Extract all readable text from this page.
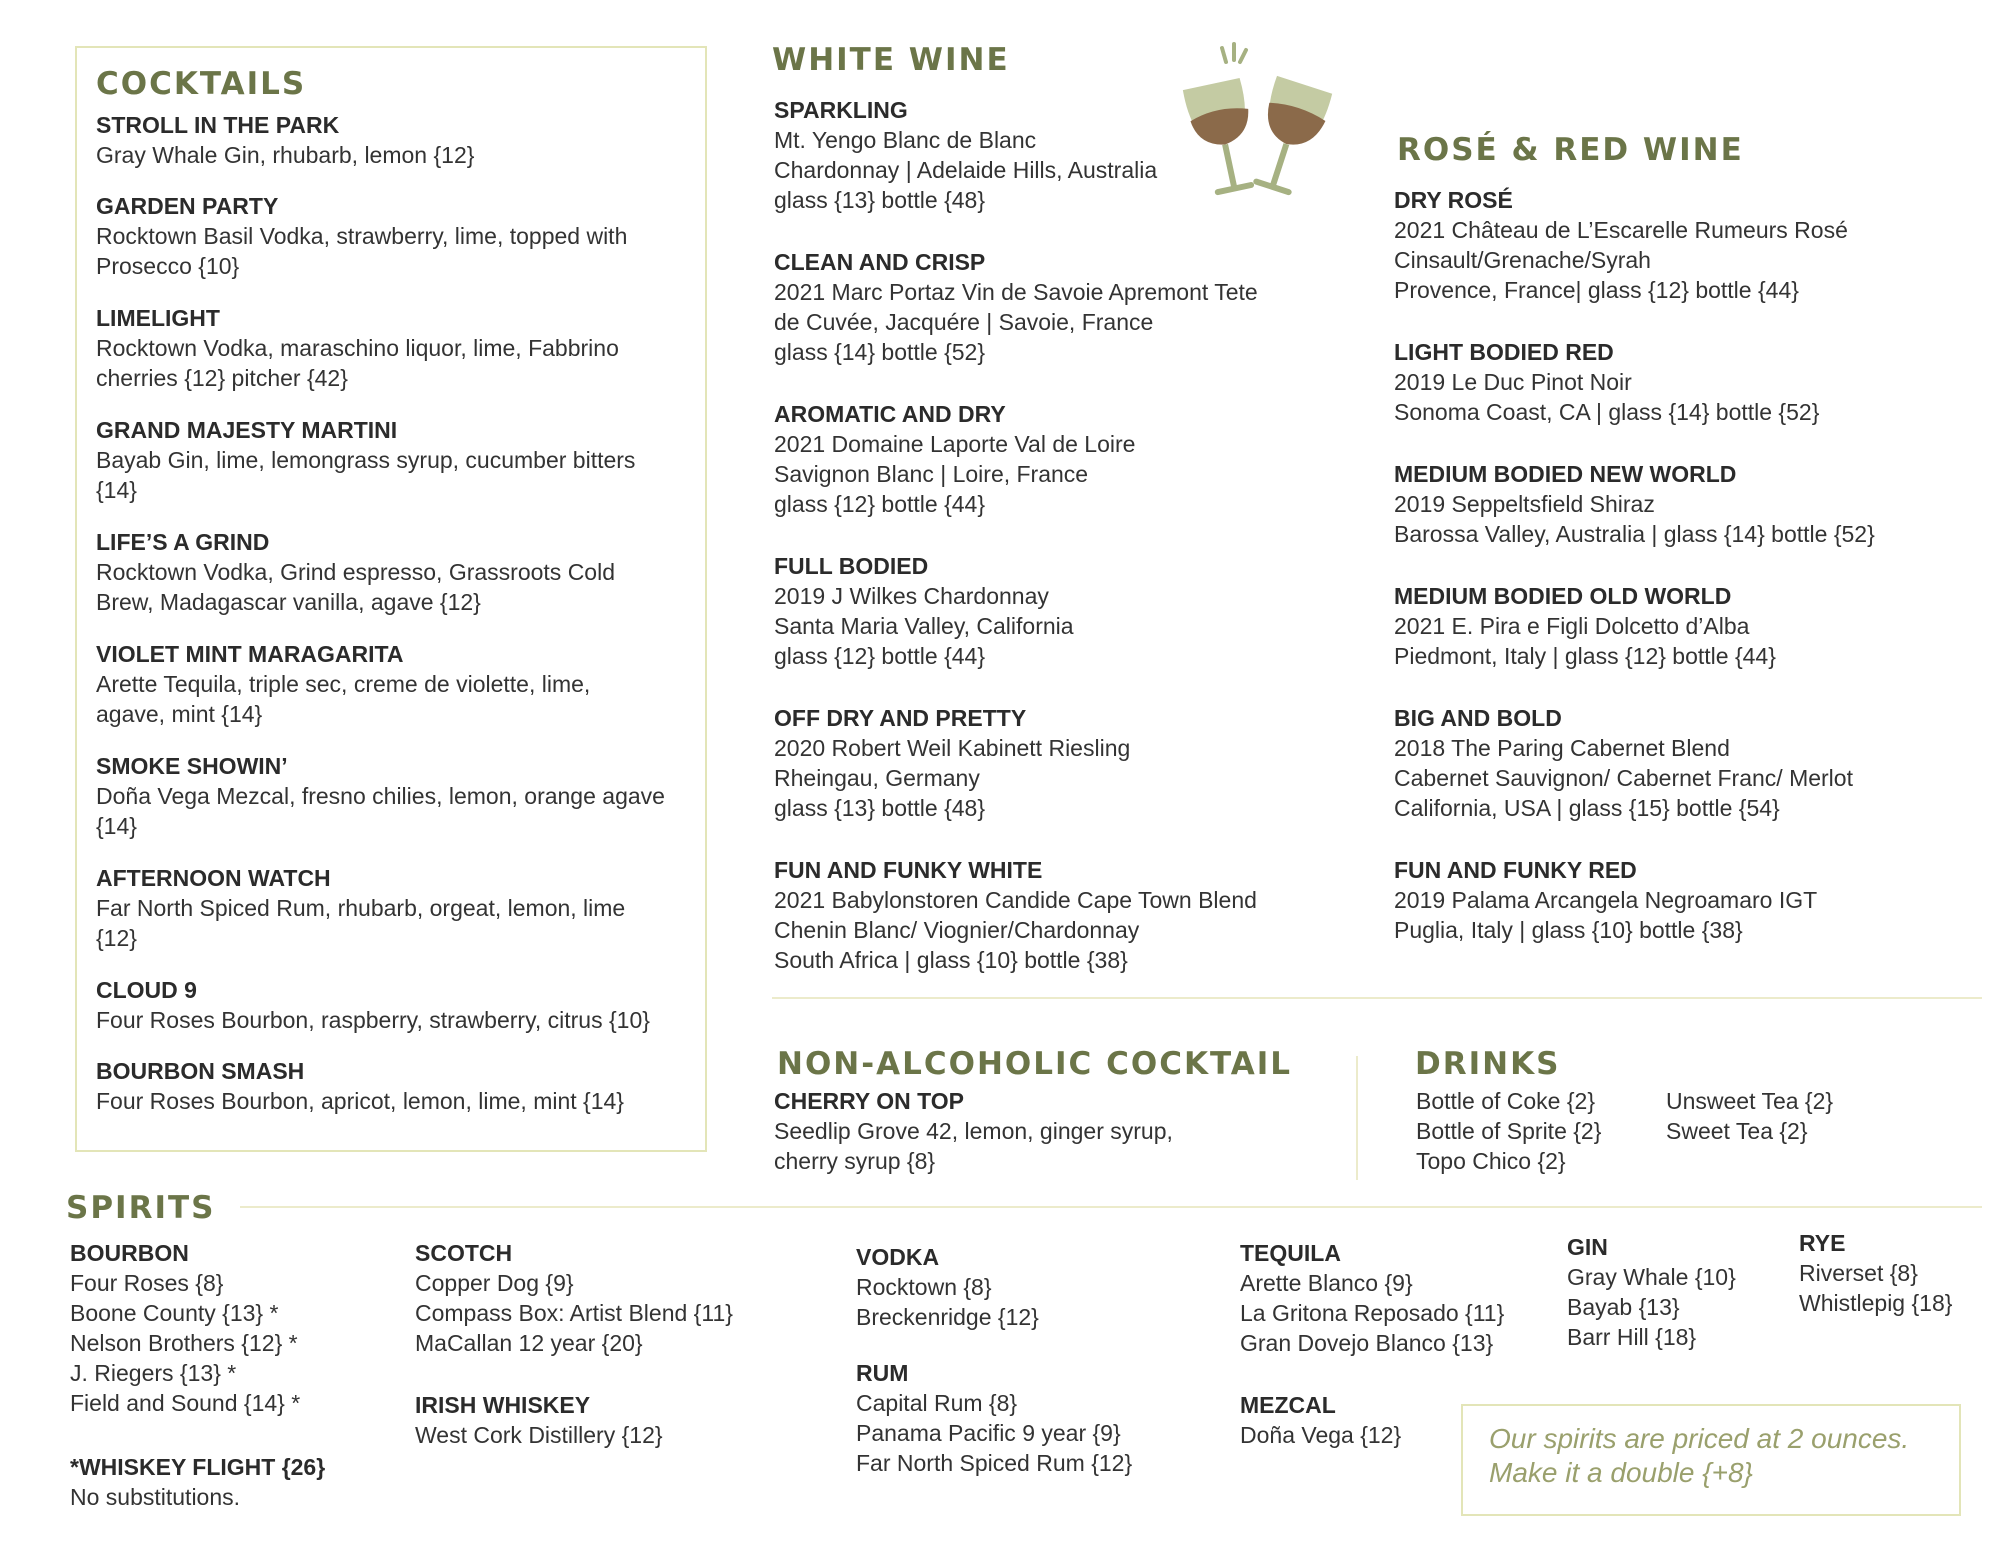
COCKTAILS
WHITE WINE
ROSÉ & RED WINE
NON-ALCOHOLIC COCKTAIL	DRINKS
SPIRITS
STROLL IN THE PARK
Gray Whale Gin, rhubarb, lemon {12}
GARDEN PARTY
Rocktown Basil Vodka, strawberry, lime, topped with
Prosecco {10}
LIMELIGHT
Rocktown Vodka, maraschino liquor, lime, Fabbrino
cherries {12} pitcher {42}
GRAND MAJESTY MARTINI
Bayab Gin, lime, lemongrass syrup, cucumber bitters
{14}
LIFE’S A GRIND
Rocktown Vodka, Grind espresso, Grassroots Cold
Brew, Madagascar vanilla, agave {12}
VIOLET MINT MARAGARITA
Arette Tequila, triple sec, creme de violette, lime,
agave, mint {14}
SMOKE SHOWIN’
Doña Vega Mezcal, fresno chilies, lemon, orange agave
{14}
AFTERNOON WATCH
Far North Spiced Rum, rhubarb, orgeat, lemon, lime
{12}
CLOUD 9
Four Roses Bourbon, raspberry, strawberry, citrus {10}
BOURBON SMASH
Four Roses Bourbon, apricot, lemon, lime, mint {14}
SPARKLING
Mt. Yengo Blanc de Blanc
Chardonnay | Adelaide Hills, Australia
glass {13} bottle {48}
CLEAN AND CRISP
2021 Marc Portaz Vin de Savoie Apremont Tete
de Cuvée, Jacquére | Savoie, France
glass {14} bottle {52}
AROMATIC AND DRY
2021 Domaine Laporte Val de Loire
Savignon Blanc | Loire, France
glass {12} bottle {44}
FULL BODIED
2019 J Wilkes Chardonnay
Santa Maria Valley, California
glass {12} bottle {44}
OFF DRY AND PRETTY
2020 Robert Weil Kabinett Riesling
Rheingau, Germany
glass {13} bottle {48}
FUN AND FUNKY WHITE
2021 Babylonstoren Candide Cape Town Blend
Chenin Blanc/ Viognier/Chardonnay
South Africa | glass {10} bottle {38}
DRY ROSÉ
2021 Château de L’Escarelle Rumeurs Rosé
Cinsault/Grenache/Syrah
Provence, France| glass {12} bottle {44}
LIGHT BODIED RED
2019 Le Duc Pinot Noir
Sonoma Coast, CA | glass {14} bottle {52}
MEDIUM BODIED NEW WORLD
2019 Seppeltsfield Shiraz
Barossa Valley, Australia | glass {14} bottle {52}
MEDIUM BODIED OLD WORLD
2021 E. Pira e Figli Dolcetto d’Alba
Piedmont, Italy | glass {12} bottle {44}
BIG AND BOLD
2018 The Paring Cabernet Blend
Cabernet Sauvignon/ Cabernet Franc/ Merlot
California, USA | glass {15} bottle {54}
FUN AND FUNKY RED
2019 Palama Arcangela Negroamaro IGT
Puglia, Italy | glass {10} bottle {38}
CHERRY ON TOP
Seedlip Grove 42, lemon, ginger syrup,
cherry syrup {8}
Bottle of Coke {2}
Bottle of Sprite {2}
Topo Chico {2}
Unsweet Tea {2}
Sweet Tea {2}
BOURBON
Four Roses {8}
Boone County {13} *
Nelson Brothers {12} *
J. Riegers {13} *
Field and Sound {14} *
*WHISKEY FLIGHT {26}
No substitutions.
SCOTCH
Copper Dog {9}
Compass Box: Artist Blend {11}
MaCallan 12 year {20}
IRISH WHISKEY
West Cork Distillery {12}
VODKA
Rocktown {8}
Breckenridge {12}
RUM
Capital Rum {8}
Panama Pacific 9 year {9}
Far North Spiced Rum {12}
TEQUILA
Arette Blanco {9}
La Gritona Reposado {11}
Gran Dovejo Blanco {13}
MEZCAL
Doña Vega {12}
GIN
Gray Whale {10}
Bayab {13}
Barr Hill {18}
RYE
Riverset {8}
Whistlepig {18}
Our spirits are priced at 2 ounces.
Make it a double {+8}
